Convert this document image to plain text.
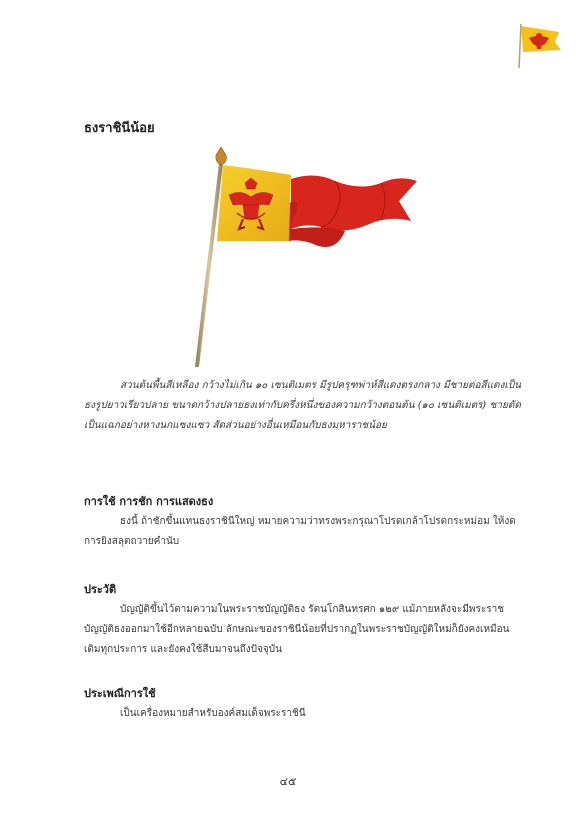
ธงราชินีน้อย

สวนต้นพื้นสีเหลือง กว้างไม่เกิน ๑๐ เซนติเมตร มีรูปครุฑพ่าห์สีแดงตรงกลาง มีชายต่อสีแดงเป็นธงรูปยาวเรียวปลาย ขนาดกว้างปลายธงเท่ากับครึ่งหนึ่งของความกว้างตอนต้น (๑๐ เซนติเมตร) ชายตัดเป็นแฉกอย่างหางนกแซงแซว สัดส่วนอย่างอื่นเหมือนกับธงมหาราชน้อย

การใช้ การชัก การแสดงธง

ธงนี้ ถ้าชักขึ้นแทนธงราชินีใหญ่ หมายความว่าทรงพระกรุณาโปรดเกล้าโปรดกระหม่อม ให้งดการยิงสลุตถวายคำนับ

ประวัติ

บัญญัติขึ้นไว้ตามความในพระราชบัญญัติธง รัตนโกสินทรศก ๑๒๙ แม้ภายหลังจะมีพระราชบัญญัติธงออกมาใช้อีกหลายฉบับ ลักษณะของราชินีน้อยที่ปรากฏในพระราชบัญญัติใหม่ก็ยังคงเหมือนเดิมทุกประการ และยังคงใช้สืบมาจนถึงปัจจุบัน

ประเพณีการใช้

เป็นเครื่องหมายสำหรับองค์สมเด็จพระราชินี

๔๕
